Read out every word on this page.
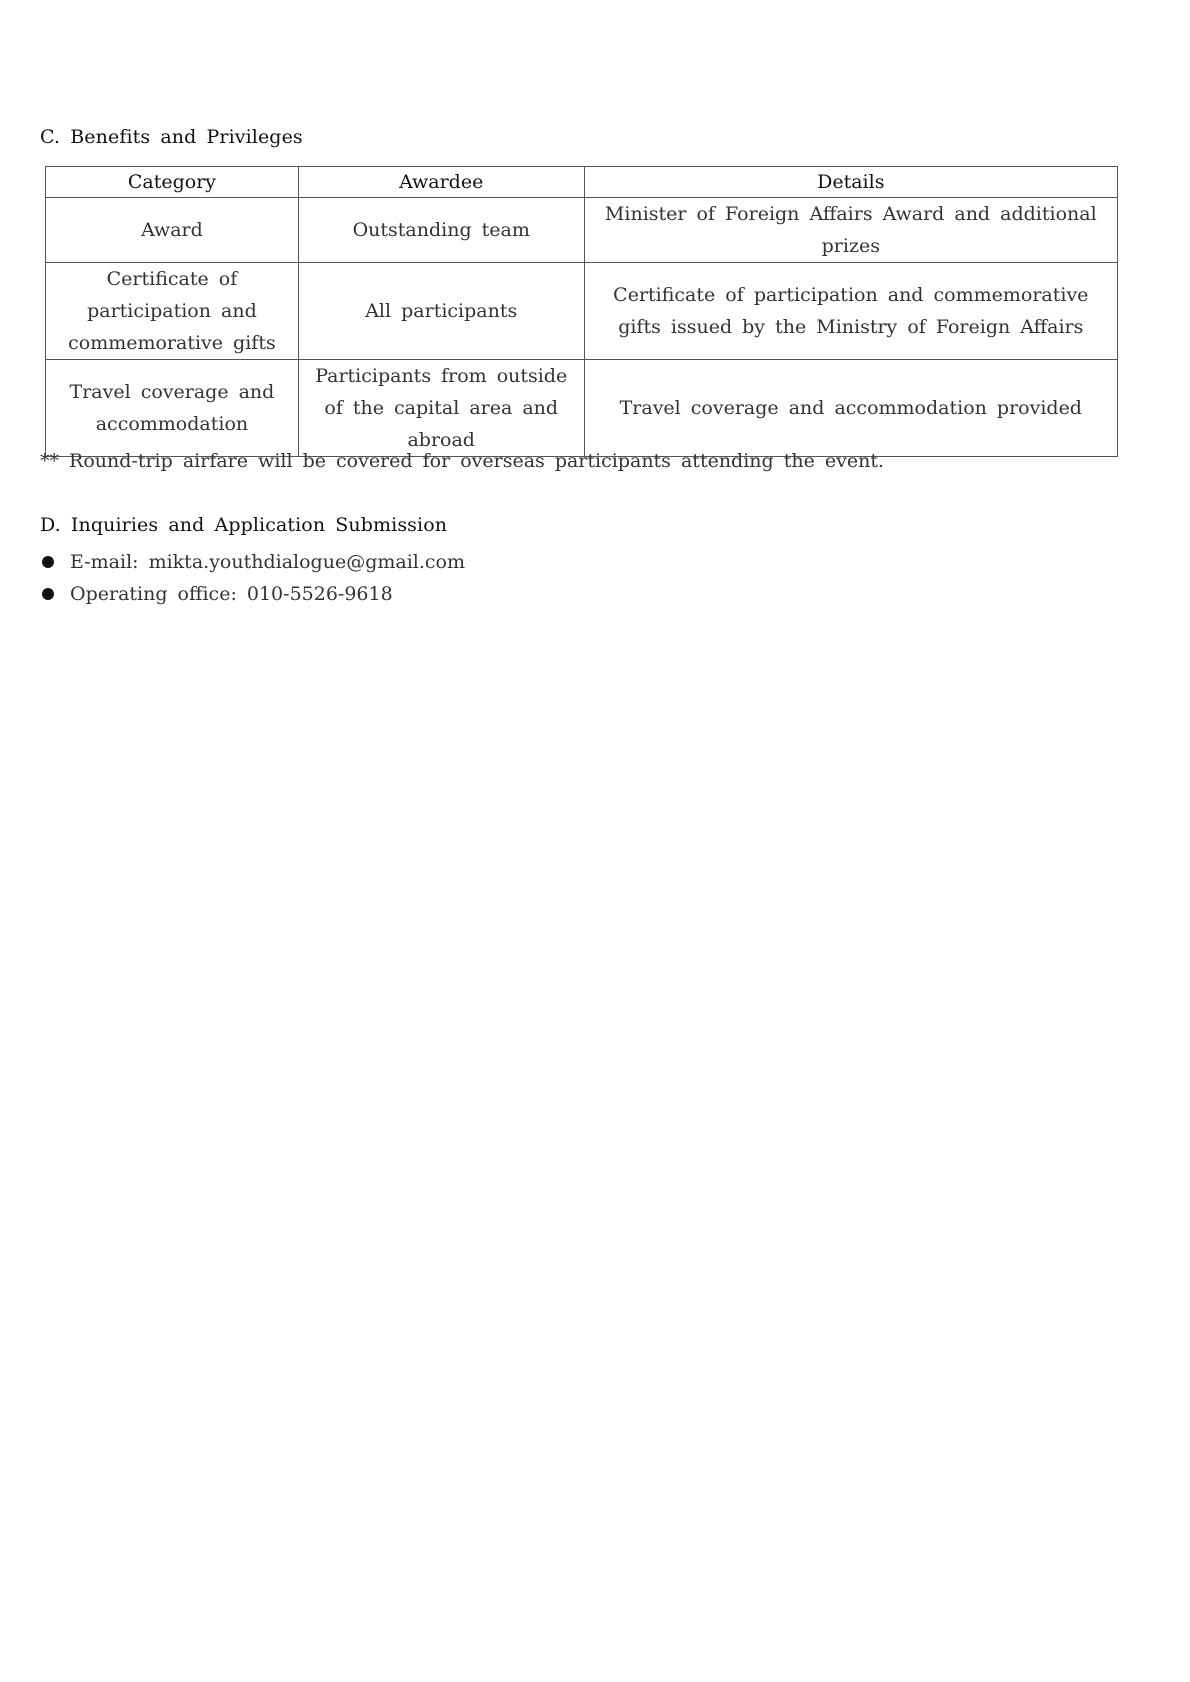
C. Benefits and Privileges
Category	Awardee	Details
Award	Outstanding team	Minister of Foreign Affairs Award and additional prizes
Certificate of participation and commemorative gifts	All participants	Certificate of participation and commemorative gifts issued by the Ministry of Foreign Affairs
Travel coverage and accommodation	Participants from outside of the capital area and abroad	Travel coverage and accommodation provided
** Round-trip airfare will be covered for overseas participants attending the event.
D. Inquiries and Application Submission
E-mail: mikta.youthdialogue@gmail.com
Operating office: 010-5526-9618
